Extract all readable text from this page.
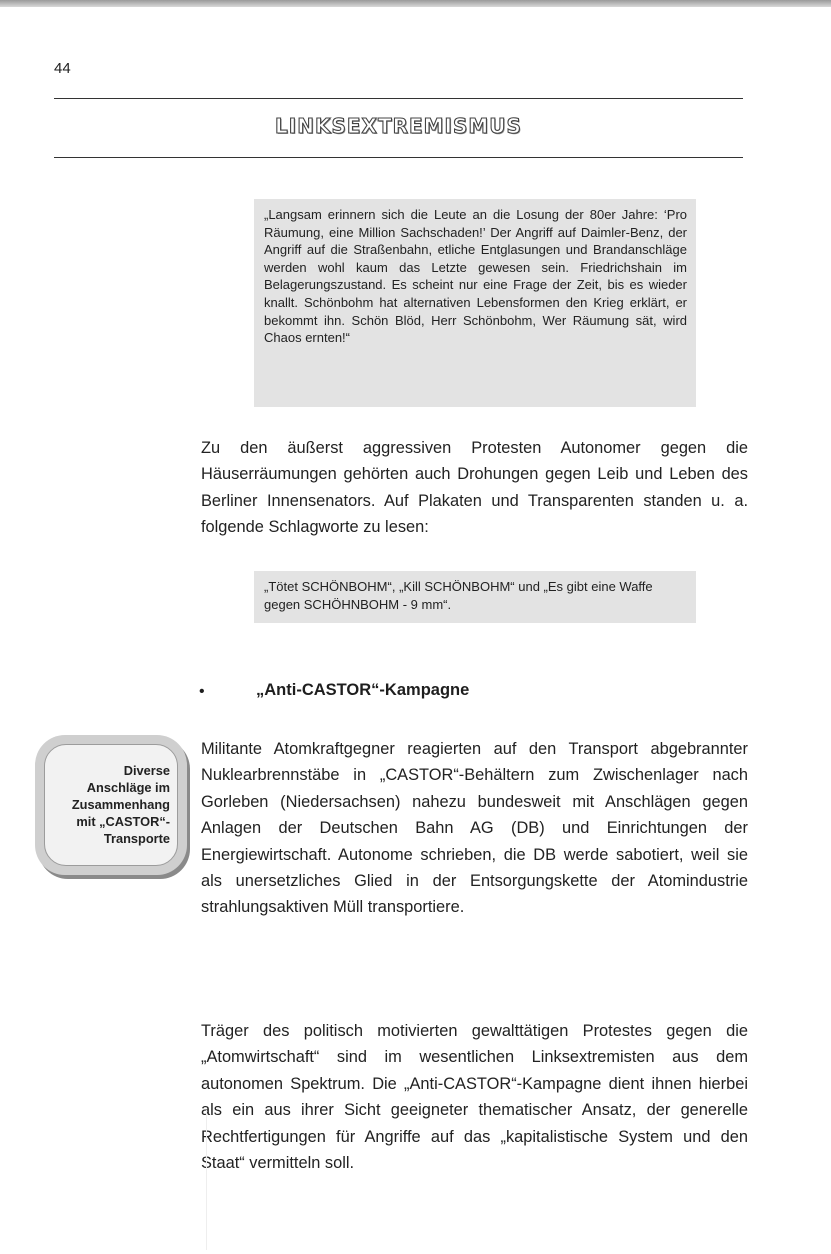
44
LINKSEXTREMISMUS
„Langsam erinnern sich die Leute an die Losung der 80er Jahre: ‘Pro Räumung, eine Million Sachschaden!’ Der Angriff auf Daimler-Benz, der Angriff auf die Straßenbahn, etliche Entglasungen und Brandanschläge werden wohl kaum das Letzte gewesen sein. Friedrichshain im Belagerungszustand. Es scheint nur eine Frage der Zeit, bis es wieder knallt. Schönbohm hat alternativen Lebensformen den Krieg erklärt, er bekommt ihn. Schön Blöd, Herr Schönbohm, Wer Räumung sät, wird Chaos ernten!“
Zu den äußerst aggressiven Protesten Autonomer gegen die Häuserräumungen gehörten auch Drohungen gegen Leib und Leben des Berliner Innensenators. Auf Plakaten und Transparenten standen u. a. folgende Schlagworte zu lesen:
„Tötet SCHÖNBOHM“, „Kill SCHÖNBOHM“ und „Es gibt eine Waffe gegen SCHÖHNBOHM - 9 mm“.
•	„Anti-CASTOR“-Kampagne
Diverse
Anschläge im
Zusammenhang
mit „CASTOR“-
Transporte
Militante Atomkraftgegner reagierten auf den Transport abgebrannter Nuklearbrennstäbe in „CASTOR“-Behältern zum Zwischenlager nach Gorleben (Niedersachsen) nahezu bundesweit mit Anschlägen gegen Anlagen der Deutschen Bahn AG (DB) und Einrichtungen der Energiewirtschaft. Autonome schrieben, die DB werde sabotiert, weil sie als unersetzliches Glied in der Entsorgungskette der Atomindustrie strahlungsaktiven Müll transportiere.
Träger des politisch motivierten gewalttätigen Protestes gegen die „Atomwirtschaft“ sind im wesentlichen Linksextremisten aus dem autonomen Spektrum. Die „Anti-CASTOR“-Kampagne dient ihnen hierbei als ein aus ihrer Sicht geeigneter thematischer Ansatz, der generelle Rechtfertigungen für Angriffe auf das „kapitalistische System und den Staat“ vermitteln soll.
